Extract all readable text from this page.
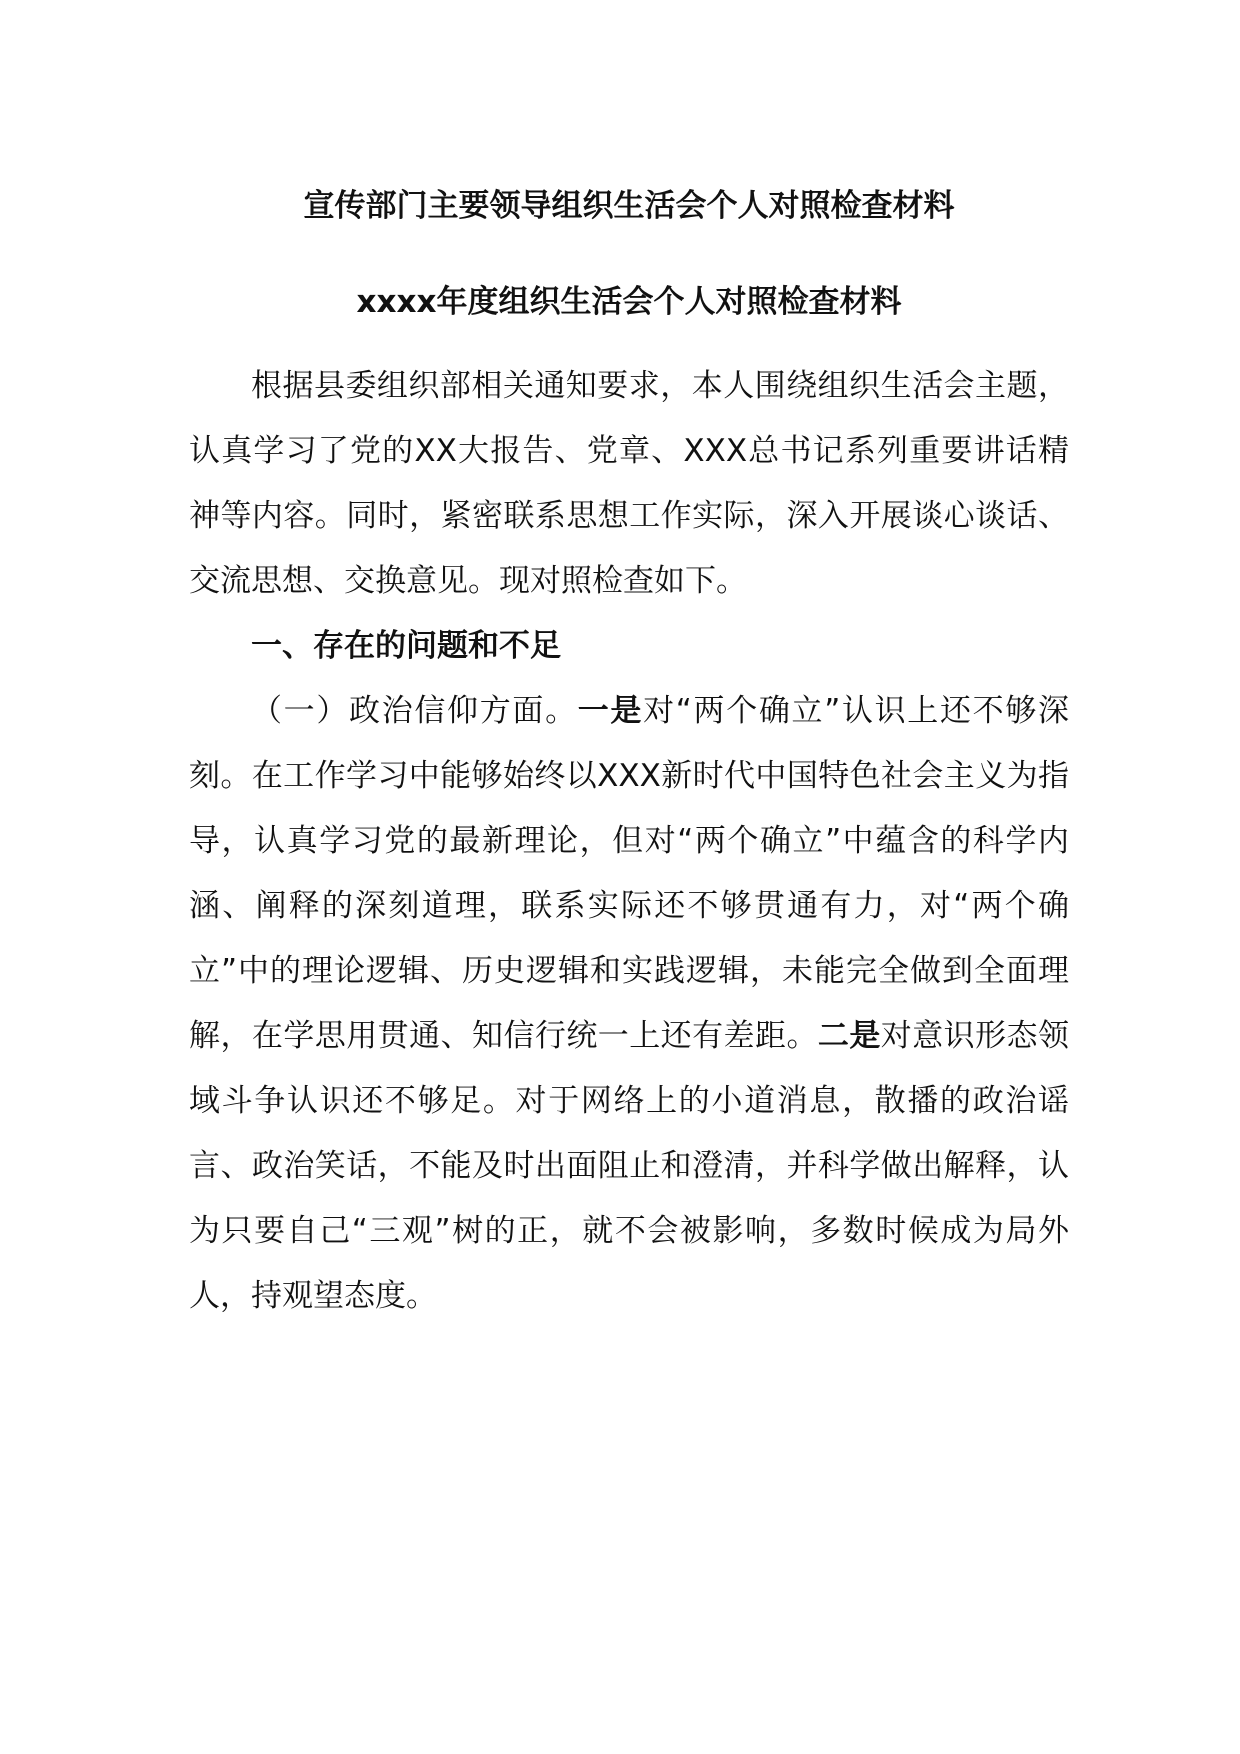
宣传部门主要领导组织生活会个人对照检查材料
xxxx年度组织生活会个人对照检查材料

根据县委组织部相关通知要求，本人围绕组织生活会主题，认真学习了党的XX大报告、党章、XXX总书记系列重要讲话精神等内容。同时，紧密联系思想工作实际，深入开展谈心谈话、交流思想、交换意见。现对照检查如下。

一、存在的问题和不足

（一）政治信仰方面。一是对“两个确立”认识上还不够深刻。在工作学习中能够始终以XXX新时代中国特色社会主义为指导，认真学习党的最新理论，但对“两个确立”中蕴含的科学内涵、阐释的深刻道理，联系实际还不够贯通有力，对“两个确立”中的理论逻辑、历史逻辑和实践逻辑，未能完全做到全面理解，在学思用贯通、知信行统一上还有差距。二是对意识形态领域斗争认识还不够足。对于网络上的小道消息，散播的政治谣言、政治笑话，不能及时出面阻止和澄清，并科学做出解释，认为只要自己“三观”树的正，就不会被影响，多数时候成为局外人，持观望态度。
